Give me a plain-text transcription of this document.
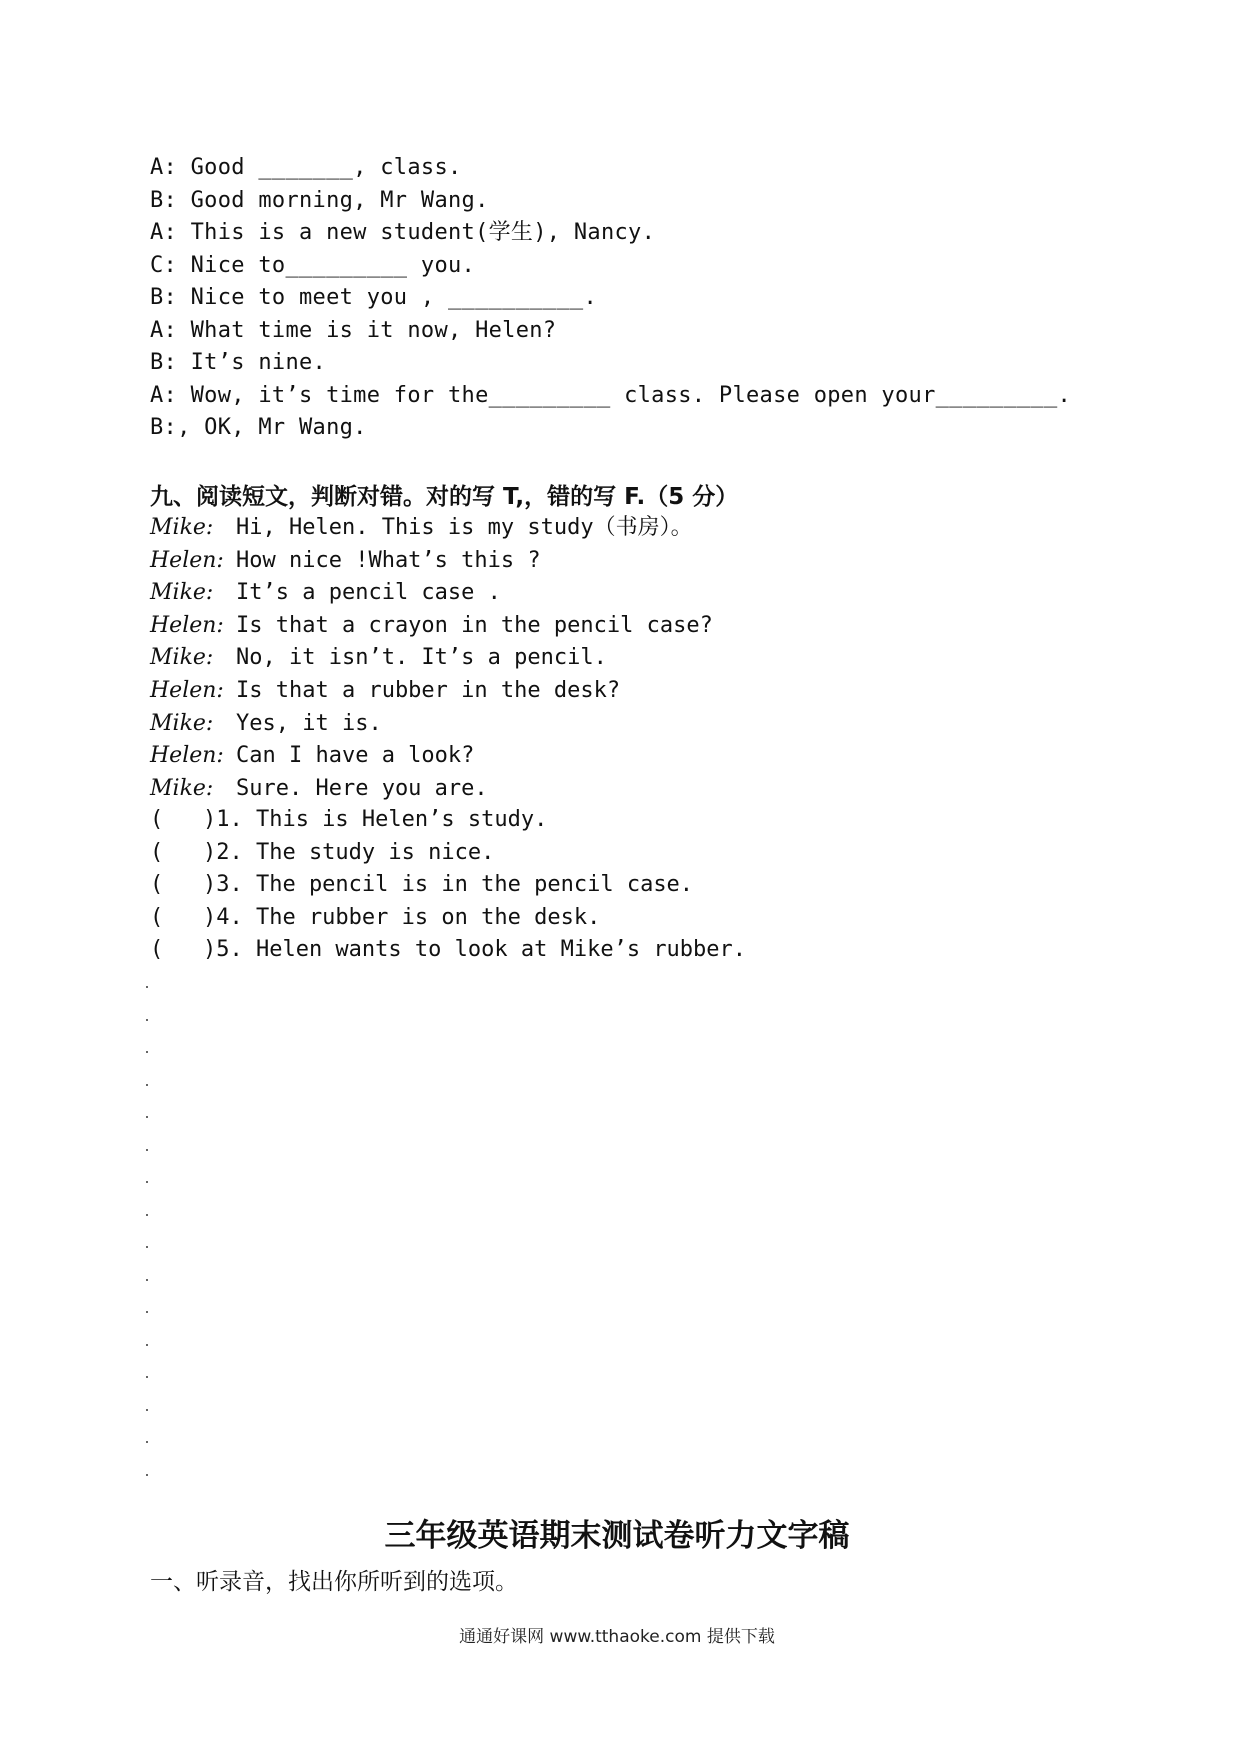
A: Good _______, class.
B: Good morning, Mr Wang.
A: This is a new student(学生), Nancy.
C: Nice to_________ you.
B: Nice to meet you , __________.
A: What time is it now, Helen?
B: It’s nine.
A: Wow, it’s time for the_________ class. Please open your_________.
B:, OK, Mr Wang.
九、阅读短文，判断对错。对的写 T,，错的写 F.（5 分）
Mike:	Hi, Helen. This is my study（书房）。
Helen: How nice !What’s this ?
Mike:	It’s a pencil case .
Helen: Is that a crayon in the pencil case?
Mike:	No, it isn’t. It’s a pencil.
Helen: Is that a rubber in the desk?
Mike:	Yes, it is.
Helen: Can I have a look?
Mike:	Sure. Here you are.
(   )1. This is Helen’s study.
(   )2. The study is nice.
(   )3. The pencil is in the pencil case.
(   )4. The rubber is on the desk.
(   )5. Helen wants to look at Mike’s rubber.
三年级英语期末测试卷听力文字稿
一、听录音，找出你所听到的选项。
通通好课网 www.tthaoke.com 提供下载
